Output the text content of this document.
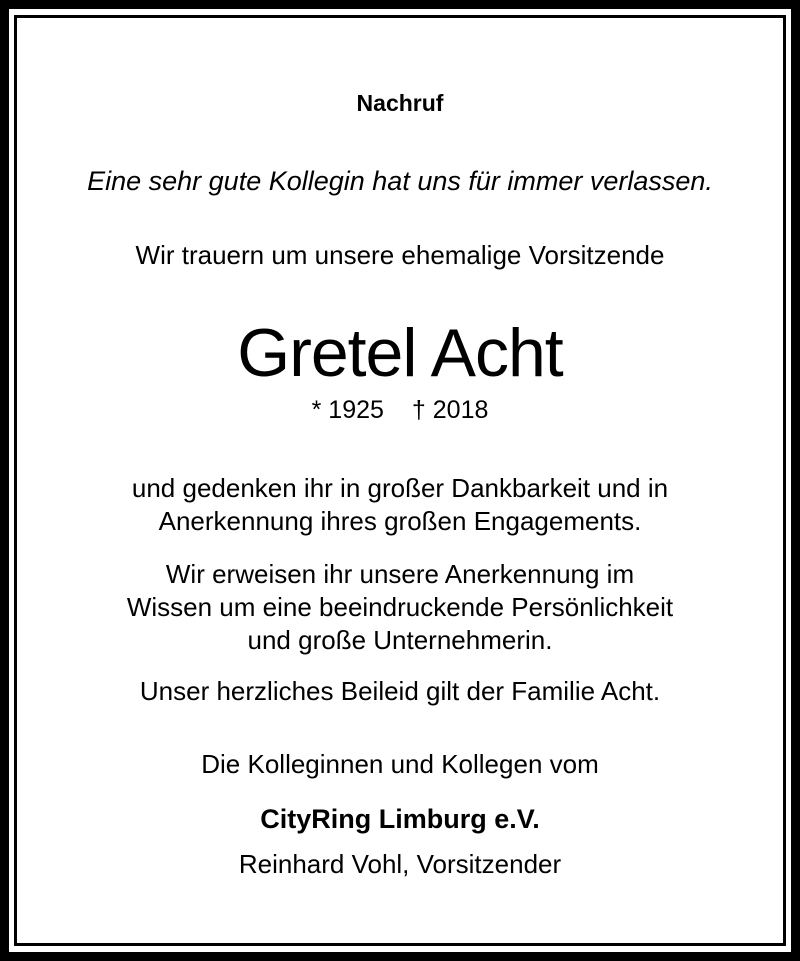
Nachruf
Eine sehr gute Kollegin hat uns für immer verlassen.
Wir trauern um unsere ehemalige Vorsitzende
Gretel Acht
* 1925 † 2018
und gedenken ihr in großer Dankbarkeit und in
Anerkennung ihres großen Engagements.
Wir erweisen ihr unsere Anerkennung im
Wissen um eine beeindruckende Persönlichkeit
und große Unternehmerin.
Unser herzliches Beileid gilt der Familie Acht.
Die Kolleginnen und Kollegen vom
CityRing Limburg e.V.
Reinhard Vohl, Vorsitzender
